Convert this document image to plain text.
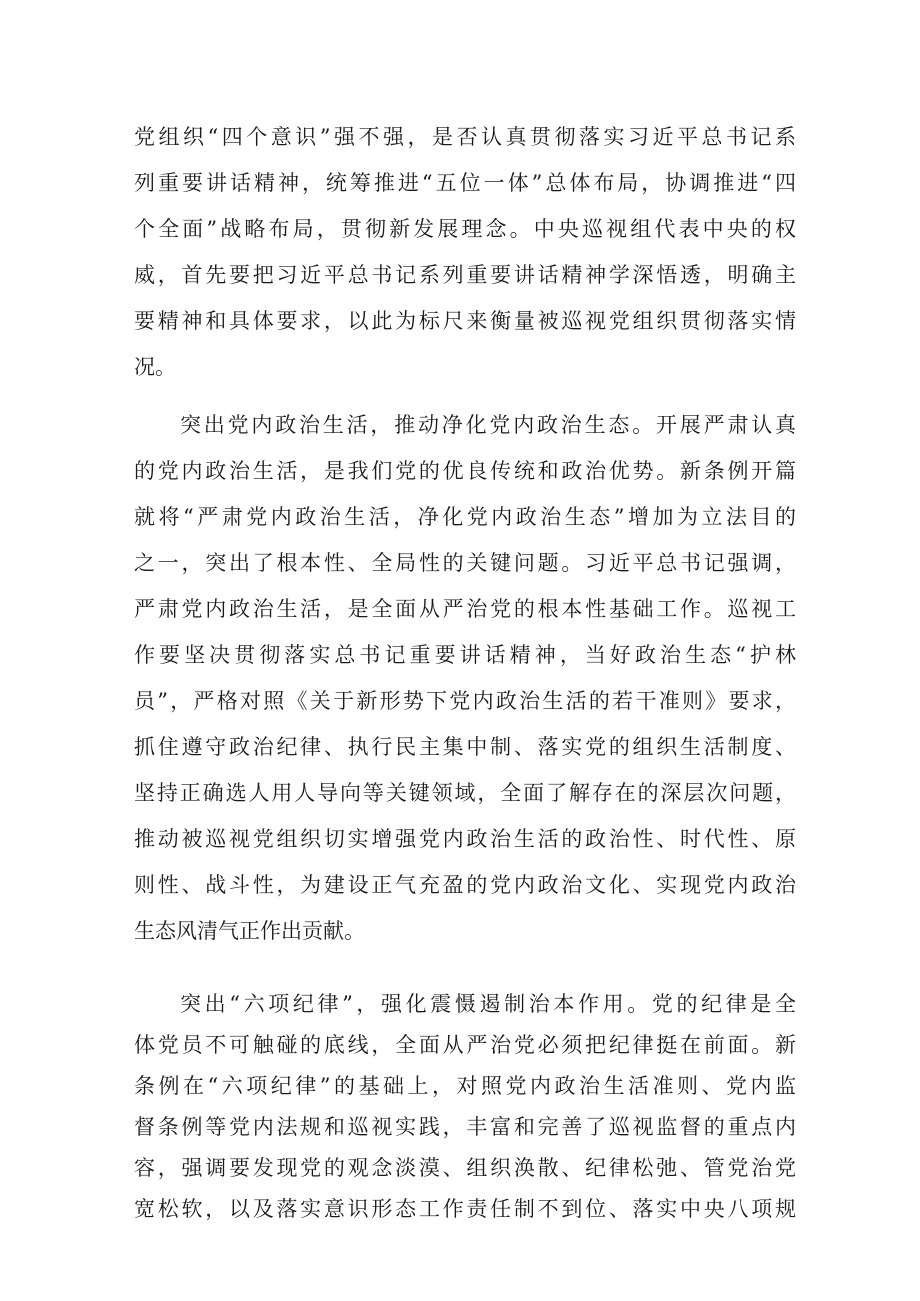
党组织“四个意识”强不强，是否认真贯彻落实习近平总书记系
列重要讲话精神，统筹推进“五位一体”总体布局，协调推进“四
个全面”战略布局，贯彻新发展理念。中央巡视组代表中央的权
威，首先要把习近平总书记系列重要讲话精神学深悟透，明确主
要精神和具体要求，以此为标尺来衡量被巡视党组织贯彻落实情
况。
突出党内政治生活，推动净化党内政治生态。开展严肃认真
的党内政治生活，是我们党的优良传统和政治优势。新条例开篇
就将“严肃党内政治生活，净化党内政治生态”增加为立法目的
之一，突出了根本性、全局性的关键问题。习近平总书记强调，
严肃党内政治生活，是全面从严治党的根本性基础工作。巡视工
作要坚决贯彻落实总书记重要讲话精神，当好政治生态“护林
员”，严格对照《关于新形势下党内政治生活的若干准则》要求，
抓住遵守政治纪律、执行民主集中制、落实党的组织生活制度、
坚持正确选人用人导向等关键领域，全面了解存在的深层次问题，
推动被巡视党组织切实增强党内政治生活的政治性、时代性、原
则性、战斗性，为建设正气充盈的党内政治文化、实现党内政治
生态风清气正作出贡献。
突出“六项纪律”，强化震慑遏制治本作用。党的纪律是全
体党员不可触碰的底线，全面从严治党必须把纪律挺在前面。新
条例在“六项纪律”的基础上，对照党内政治生活准则、党内监
督条例等党内法规和巡视实践，丰富和完善了巡视监督的重点内
容，强调要发现党的观念淡漠、组织涣散、纪律松弛、管党治党
宽松软，以及落实意识形态工作责任制不到位、落实中央八项规
